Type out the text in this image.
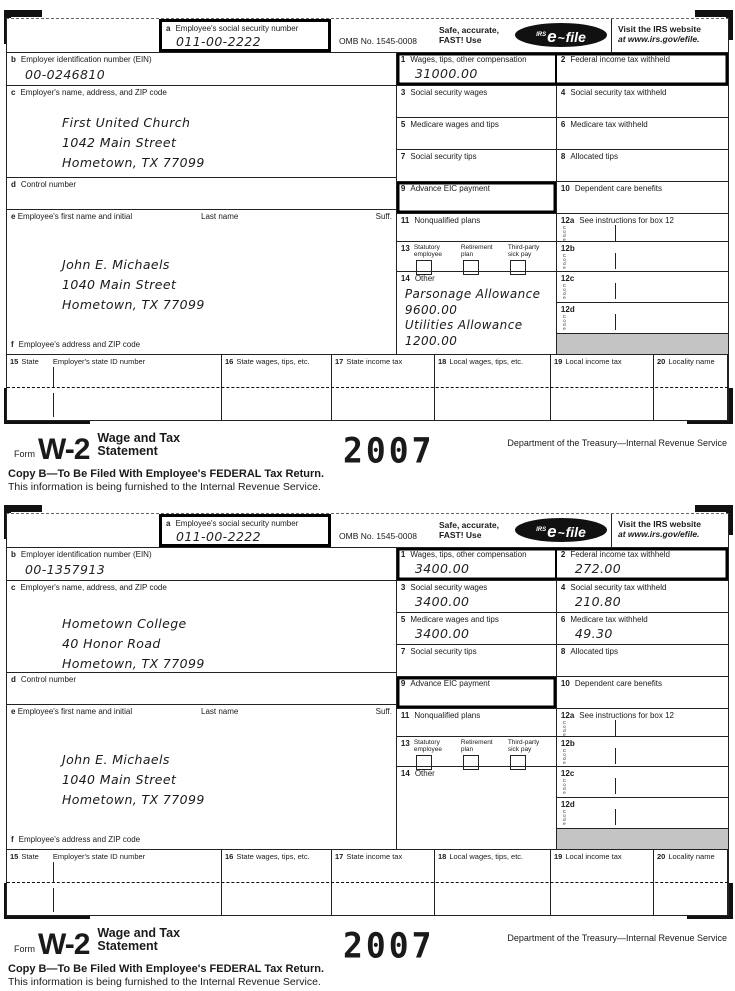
a Employee's social security number
011-00-2222	OMB No. 1545-0008
Safe, accurate,
FAST! Use	$^{IRS}$e~file	Visit the IRS website
at www.irs.gov/efile.
b Employer identification number (EIN)
00-0246810
c Employer's name, address, and ZIP code
First United Church
1042 Main Street
Hometown, TX 77099
d Control number
e Employee's first name and initial	Last name	Suff.
John E. Michaels
1040 Main Street
Hometown, TX 77099
f Employee's address and ZIP code
1 Wages, tips, other compensation
31000.00
2 Federal income tax withheld
3 Social security wages	4 Social security tax withheld
5 Medicare wages and tips	6 Medicare tax withheld
7 Social security tips	8 Allocated tips
9 Advance EIC payment	10 Dependent care benefits
11 Nonqualified plans	12a See instructions for box 12
Code
13 Statutory
employee
Retirement
plan
Third-party
sick pay
12b
Code
14 Other
Parsonage Allowance
9600.00
Utilities Allowance
1200.00
12c
Code
12d
Code
15 State Employer's state ID number	16 State wages, tips, etc.	17 State income tax	18 Local wages, tips, etc.	19 Local income tax	20 Locality name
Form W-2 Wage and Tax
Statement	2007	Department of the Treasury—Internal Revenue Service
Copy B—To Be Filed With Employee's FEDERAL Tax Return.
This information is being furnished to the Internal Revenue Service.
a Employee's social security number
011-00-2222	OMB No. 1545-0008
Safe, accurate,
FAST! Use	$^{IRS}$e~file	Visit the IRS website
at www.irs.gov/efile.
b Employer identification number (EIN)
00-1357913
c Employer's name, address, and ZIP code
Hometown College
40 Honor Road
Hometown, TX 77099
d Control number
e Employee's first name and initial	Last name	Suff.
John E. Michaels
1040 Main Street
Hometown, TX 77099
f Employee's address and ZIP code
1 Wages, tips, other compensation
3400.00
2 Federal income tax withheld
272.00
3 Social security wages
3400.00
4 Social security tax withheld
210.80
5 Medicare wages and tips
3400.00
6 Medicare tax withheld
49.30
7 Social security tips	8 Allocated tips
9 Advance EIC payment	10 Dependent care benefits
11 Nonqualified plans	12a See instructions for box 12
Code
13 Statutory
employee
Retirement
plan
Third-party
sick pay
12b
Code
14 Other	12c
Code
12d
Code
15 State Employer's state ID number	16 State wages, tips, etc.	17 State income tax	18 Local wages, tips, etc.	19 Local income tax	20 Locality name
Form W-2 Wage and Tax
Statement	2007	Department of the Treasury—Internal Revenue Service
Copy B—To Be Filed With Employee's FEDERAL Tax Return.
This information is being furnished to the Internal Revenue Service.
